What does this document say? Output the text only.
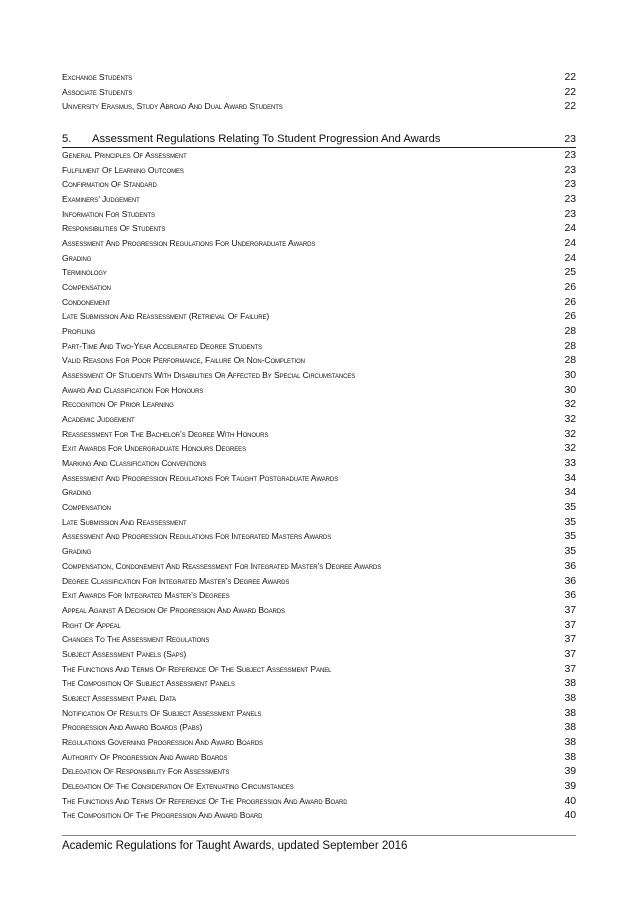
Exchange Students	22
Associate Students	22
University Erasmus, Study Abroad And Dual Award Students	22
5. Assessment Regulations Relating To Student Progression And Awards	23
General Principles Of Assessment	23
Fulfilment Of Learning Outcomes	23
Confirmation Of Standard	23
Examiners’ Judgement	23
Information For Students	23
Responsibilities Of Students	24
Assessment And Progression Regulations For Undergraduate Awards	24
Grading	24
Terminology	25
Compensation	26
Condonement	26
Late Submission And Reassessment (Retrieval Of Failure)	26
Profiling	28
Part-Time And Two-Year Accelerated Degree Students	28
Valid Reasons For Poor Performance, Failure Or Non-Completion	28
Assessment Of Students With Disabilities Or Affected By Special Circumstances	30
Award And Classification For Honours	30
Recognition Of Prior Learning	32
Academic Judgement	32
Reassessment For The Bachelor’s Degree With Honours	32
Exit Awards For Undergraduate Honours Degrees	32
Marking And Classification Conventions	33
Assessment And Progression Regulations For Taught Postgraduate Awards	34
Grading	34
Compensation	35
Late Submission And Reassessment	35
Assessment And Progression Regulations For Integrated Masters Awards	35
Grading	35
Compensation, Condonement And Reassessment For Integrated Master’s Degree Awards	36
Degree Classification For Integrated Master’s Degree Awards	36
Exit Awards For Integrated Master’s Degrees	36
Appeal Against A Decision Of Progression And Award Boards	37
Right Of Appeal	37
Changes To The Assessment Regulations	37
Subject Assessment Panels (Saps)	37
The Functions And Terms Of Reference Of The Subject Assessment Panel	37
The Composition Of Subject Assessment Panels	38
Subject Assessment Panel Data	38
Notification Of Results Of Subject Assessment Panels	38
Progression And Award Boards (Pabs)	38
Regulations Governing Progression And Award Boards	38
Authority Of Progression And Award Boards	38
Delegation Of Responsibility For Assessments	39
Delegation Of The Consideration Of Extenuating Circumstances	39
The Functions And Terms Of Reference Of The Progression And Award Board	40
The Composition Of The Progression And Award Board	40
Academic Regulations for Taught Awards, updated September 2016
